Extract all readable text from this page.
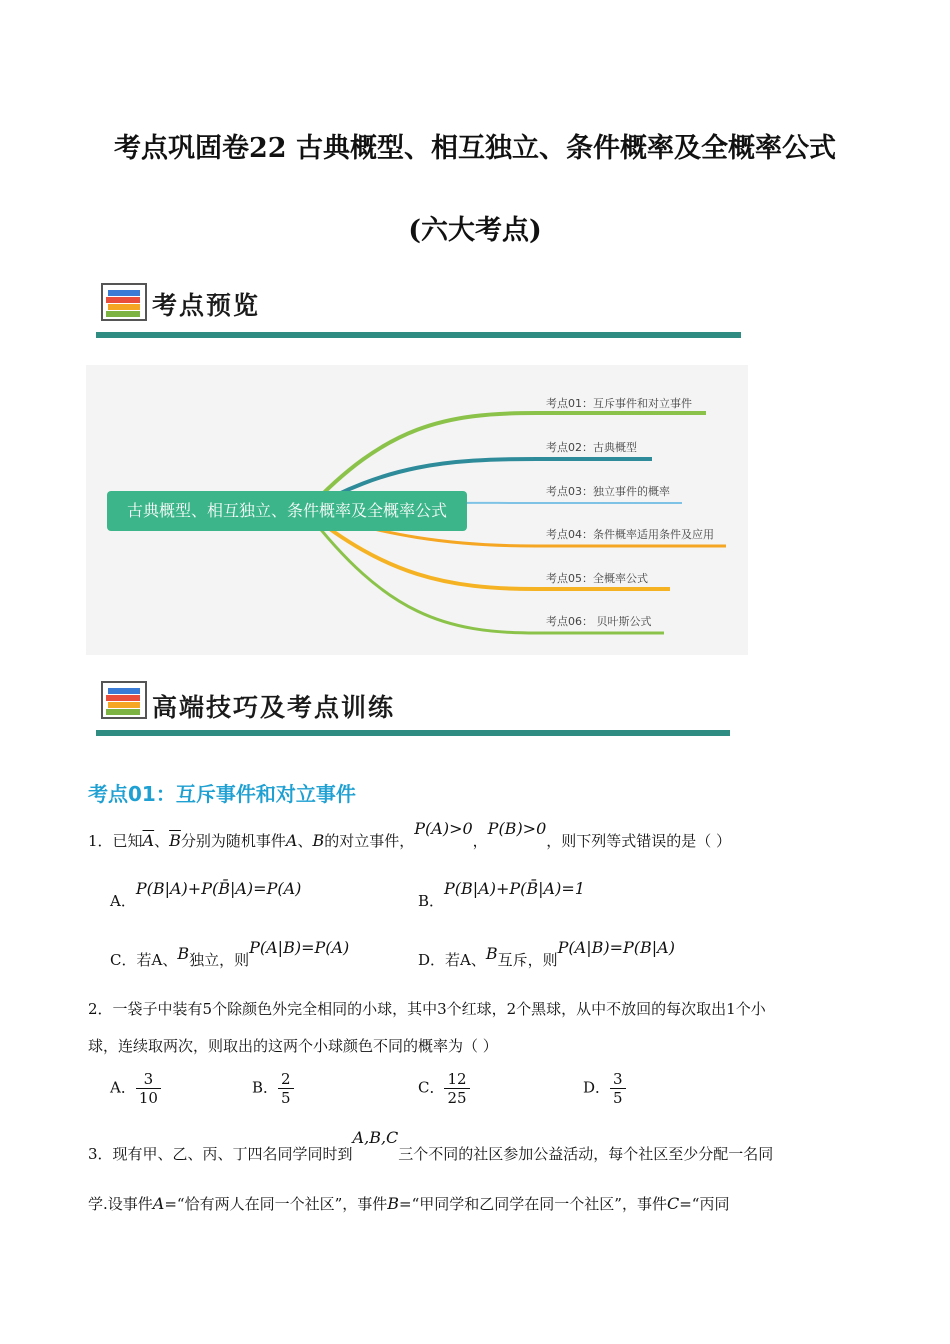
考点巩固卷22 古典概型、相互独立、条件概率及全概率公式
(六大考点)
考点预览
古典概型、相互独立、条件概率及全概率公式
考点01：互斥事件和对立事件
考点02：古典概型
考点03：独立事件的概率
考点04：条件概率适用条件及应用
考点05：全概率公式
考点06： 贝叶斯公式
高端技巧及考点训练
考点01：互斥事件和对立事件
1．已知$\overline{A}$、$\overline{B}$分别为随机事件A、B的对立事件，P(A)>0，P(B)>0，则下列等式错误的是（ ）
A．P(B|A)+P(B̄|A)=P(A)
B．P(B|A)+P(B̄|A)=1
C．若A、B独立，则P(A|B)=P(A)
D．若A、B互斥，则P(A|B)=P(B|A)
2．一袋子中装有5个除颜色外完全相同的小球，其中3个红球，2个黑球，从中不放回的每次取出1个小
球，连续取两次，则取出的这两个小球颜色不同的概率为（ ）
A． $\frac{3}{10}$	B． $\frac{2}{5}$	C． $\frac{12}{25}$	D． $\frac{3}{5}$
3．现有甲、乙、丙、丁四名同学同时到A,B,C三个不同的社区参加公益活动，每个社区至少分配一名同
学.设事件A=“恰有两人在同一个社区”，事件B=“甲同学和乙同学在同一个社区”，事件C=“丙同
